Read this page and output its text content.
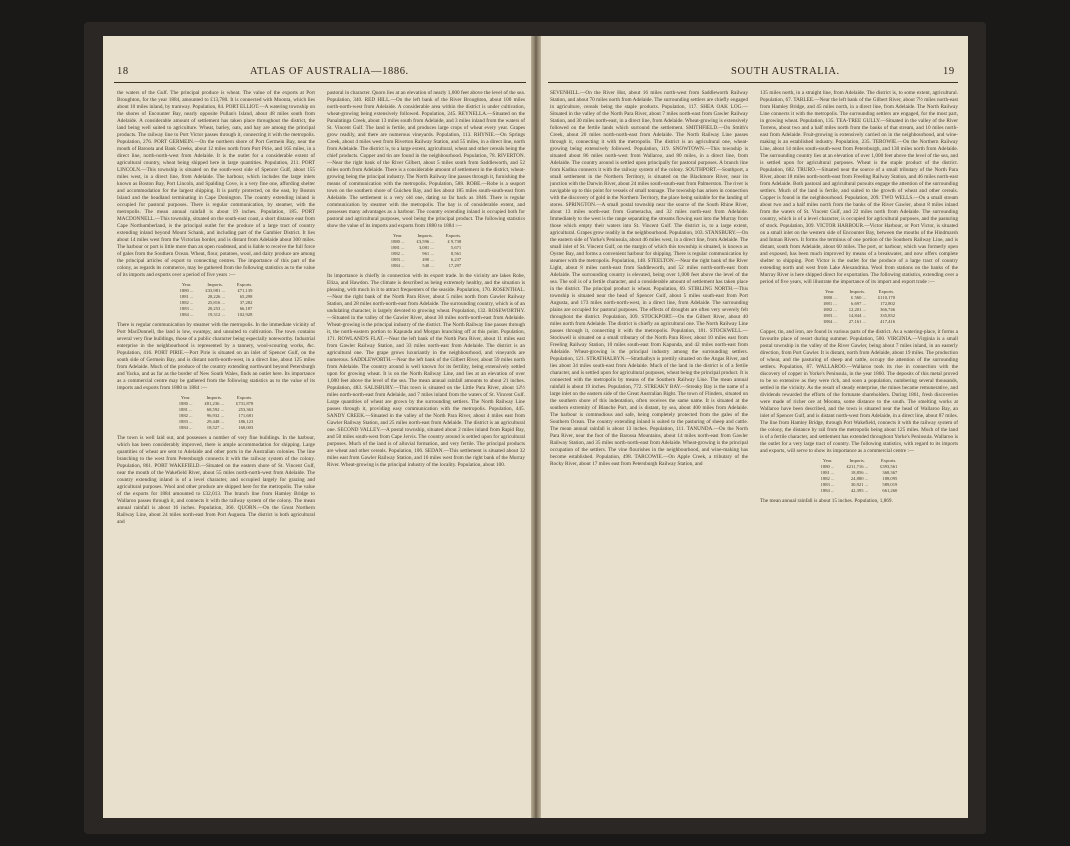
18	ATLAS OF AUSTRALIA—1886.	SOUTH AUSTRALIA.	19

the waters of the Gulf. The principal produce is wheat. The value of the exports at Port Broughton, for the year 1884, amounted to £13,780. It is connected with Moonta, which lies about 10 miles inland, by tramway. Population, 84. PORT ELLIOT.—A watering township on the shores of Encounter Bay, nearly opposite Pullan's Island, about 48 miles south from Adelaide. A considerable amount of settlement has taken place throughout the district, the land being well suited to agriculture. Wheat, barley, oats, and hay are among the principal products. The railway line to Port Victor passes through it, connecting it with the metropolis. Population, 276. PORT GERMEIN.—On the northern shore of Port Germein Bay, near the mouth of Baroota and Bank Creeks, about 12 miles north from Port Pirie, and 165 miles, in a direct line, north-north-west from Adelaide. It is the outlet for a considerable extent of agricultural country, wheat being shipped here in large quantities. Population, 211. PORT LINCOLN.—This township is situated on the south-west side of Spencer Gulf, about 155 miles west, in a direct line, from Adelaide. The harbour, which includes the large inlets known as Boston Bay, Port Lincoln, and Spalding Cove, is a very fine one, affording shelter and accommodation for the largest shipping. It is partly protected, on the east, by Boston Island and the headland terminating in Cape Donington. The country extending inland is occupied for pastoral purposes. There is regular communication, by steamer, with the metropolis. The mean annual rainfall is about 19 inches. Population, 185. PORT MACDONNELL.—This township, situated on the south-east coast, a short distance east from Cape Northumberland, is the principal outlet for the produce of a large tract of country extending inland beyond Mount Schank, and including part of the Gambier District. It lies about 14 miles west from the Victorian border, and is distant from Adelaide about 300 miles. The harbour or port is little more than an open roadstead, and is liable to receive the full force of gales from the Southern Ocean. Wheat, flour, potatoes, wool, and dairy produce are among the principal articles of export to connecting centres. The importance of this part of the colony, as regards its commerce, may be gathered from the following statistics as to the value of its imports and exports over a period of five years :—

Year.	Imports.	Exports.
1880 ...	£33,981 ...	£71,139
1881 ...	28,226 ...	65,298
1882 ...	25,816 ...	37,282
1883 ...	20,253 ...	66,187
1884 ...	19,312 ...	102,928

There is regular communication by steamer with the metropolis. In the immediate vicinity of Port MacDonnell, the land is low, swampy, and unsuited to cultivation. The town contains several very fine buildings, those of a public character being especially noteworthy. Industrial enterprise in the neighbourhood is represented by a tannery, wool-scouring works, &c. Population, 416. PORT PIRIE.—Port Pirie is situated on an inlet of Spencer Gulf, on the south side of Germein Bay, and is distant north-north-west, in a direct line, about 125 miles from Adelaide. Much of the produce of the country extending northward beyond Petersburgh and Yacka, and as far as the border of New South Wales, finds an outlet here. Its importance as a commercial centre may be gathered from the following statistics as to the value of its imports and exports from 1880 to 1884 :—

Year.	Imports.	Exports.
1880 ...	£81,236 ...	£731,878
1881 ...	68,592 ...	253,363
1882 ...	96,932 ...	171,681
1883 ...	29,448 ...	186,123
1884 ...	18,527 ...	160,003

The town is well laid out, and possesses a number of very fine buildings. In the harbour, which has been considerably improved, there is ample accommodation for shipping. Large quantities of wheat are sent to Adelaide and other ports in the Australian colonies. The line branching to the west from Petersburgh connects it with the railway system of the colony. Population, 861. PORT WAKEFIELD.—Situated on the eastern shore of St. Vincent Gulf, near the mouth of the Wakefield River, about 55 miles north-north-west from Adelaide. The country extending inland is of a level character, and occupied largely for grazing and agricultural purposes. Wool and other produce are shipped here for the metropolis. The value of the exports for 1884 amounted to £32,013. The branch line from Hamley Bridge to Wallaroo passes through it, and connects it with the railway system of the colony. The mean annual rainfall is about 16 inches. Population, 360. QUORN.—On the Great Northern Railway Line, about 24 miles north-east from Port Augusta. The district is both agricultural and

pastoral in character. Quorn lies at an elevation of nearly 1,000 feet above the level of the sea. Population, 340. RED HILL.—On the left bank of the River Broughton, about 100 miles north-north-west from Adelaide. A considerable area within the district is under cultivation, wheat-growing being extensively followed. Population, 245. REYNELLA.—Situated on the Panalatinga Creek, about 13 miles south from Adelaide, and 3 miles inland from the waters of St. Vincent Gulf. The land is fertile, and produces large crops of wheat every year. Grapes grow readily, and there are numerous vineyards. Population, 113. RHYNIE.—On Springs Creek, about 4 miles west from Riverton Railway Station, and 55 miles, in a direct line, north from Adelaide. The district is, to a large extent, agricultural, wheat and other cereals being the chief products. Copper and tin are found in the neighbourhood. Population, 78. RIVERTON.—Near the right bank of the River Gilbert, about 5 miles south from Saddleworth, and 52 miles north from Adelaide. There is a considerable amount of settlement in the district, wheat-growing being the principal industry. The North Railway line passes through it, furnishing the means of communication with the metropolis. Population, 588. ROBE.—Robe is a seaport town on the southern shore of Guichen Bay, and lies about 185 miles south-south-east from Adelaide. The settlement is a very old one, dating so far back as 1846. There is regular communication by steamer with the metropolis. The bay is of considerable extent, and possesses many advantages as a harbour. The country extending inland is occupied both for pastoral and agricultural purposes, wool being the principal product. The following statistics show the value of its imports and exports from 1880 to 1884 :—

Year.	Imports.	Exports.
1880 ...	£3,596 ...	£ 9,738
1881 ...	3,081 ...	5,671
1882 ...	961 ...	8,561
1883 ...	490 ...	6,237
1884 ...	540 ...	17,297

Its importance is chiefly in connection with its export trade. In the vicinity are lakes Robe, Eliza, and Hawdon. The climate is described as being extremely healthy, and the situation is pleasing, with much in it to attract frequenters of the seaside. Population, 170. ROSENTHAL.—Near the right bank of the North Para River, about 5 miles north from Gawler Railway Station, and 28 miles north-north-east from Adelaide. The surrounding country, which is of an undulating character, is largely devoted to growing wheat. Population, 132. ROSEWORTHY.—Situated in the valley of the Gawler River, about 30 miles north-north-east from Adelaide. Wheat-growing is the principal industry of the district. The North Railway line passes through it, the north-eastern portion to Kapunda and Morgan branching off at this point. Population, 171. ROWLAND'S FLAT.—Near the left bank of the North Para River, about 11 miles east from Gawler Railway Station, and 33 miles north-east from Adelaide. The district is an agricultural one. The grape grows luxuriantly in the neighbourhood, and vineyards are numerous. SADDLEWORTH.—Near the left bank of the Gilbert River, about 59 miles north from Adelaide. The country around is well known for its fertility, being extensively settled upon for growing wheat. It is on the North Railway Line, and lies at an elevation of over 1,000 feet above the level of the sea. The mean annual rainfall amounts to about 21 inches. Population, 483. SALISBURY.—This town is situated on the Little Para River, about 12½ miles north-north-east from Adelaide, and 7 miles inland from the waters of St. Vincent Gulf. Large quantities of wheat are grown by the surrounding settlers. The North Railway Line passes through it, providing easy communication with the metropolis. Population, 445. SANDY CREEK.—Situated in the valley of the North Para River, about 4 miles east from Gawler Railway Station, and 25 miles north-east from Adelaide. The district is an agricultural one. SECOND VALLEY.—A postal township, situated about 2 miles inland from Rapid Bay, and 50 miles south-west from Cape Jervis. The country around is settled upon for agricultural purposes. Much of the land is of alluvial formation, and very fertile. The principal products are wheat and other cereals. Population, 106. SEDAN.—This settlement is situated about 32 miles east from Gawler Railway Station, and 16 miles west from the right bank of the Murray River. Wheat-growing is the principal industry of the locality. Population, about 100.

SEVENHILL.—On the River Hut, about 16 miles north-west from Saddleworth Railway Station, and about 70 miles north from Adelaide. The surrounding settlers are chiefly engaged in agriculture, cereals being the staple products. Population, 117. SHEA OAK LOG.—Situated in the valley of the North Para River, about 7 miles north-east from Gawler Railway Station, and 30 miles north-east, in a direct line, from Adelaide. Wheat-growing is extensively followed on the fertile lands which surround the settlement. SMITHFIELD.—On Smith's Creek, about 20 miles north-north-east from Adelaide. The North Railway Line passes through it, connecting it with the metropolis. The district is an agricultural one, wheat-growing being extensively followed. Population, 119. SNOWTOWN.—This township is situated about 86 miles north-west from Wallaroo, and 80 miles, in a direct line, from Adelaide. The country around is settled upon principally for pastoral purposes. A branch line from Kadina connects it with the railway system of the colony. SOUTHPORT.—Southport, a small settlement in the Northern Territory, is situated on the Blackmore River, near its junction with the Darwin River, about 24 miles south-south-east from Palmerston. The river is navigable up to this point for vessels of small tonnage. The township has arisen in connection with the discovery of gold in the Northern Territory, the place being suitable for the landing of stores. SPRINGTON.—A small postal township near the source of the South Rhine River, about 13 miles north-east from Gumeracha, and 32 miles north-east from Adelaide. Immediately to the west is the range separating the streams flowing east into the Murray from those which empty their waters into St. Vincent Gulf. The district is, to a large extent, agricultural. Grapes grow readily in the neighbourhood. Population, 103. STANSBURY.—On the eastern side of Yorke's Peninsula, about 46 miles west, in a direct line, from Adelaide. The small inlet of St. Vincent Gulf, on the margin of which this township is situated, is known as Oyster Bay, and forms a convenient harbour for shipping. There is regular communication by steamer with the metropolis. Population, 148. STEELTON.—Near the right bank of the River Light, about 8 miles north-east from Saddleworth, and 52 miles north-north-east from Adelaide. The surrounding country is elevated, being over 1,000 feet above the level of the sea. The soil is of a fertile character, and a considerable amount of settlement has taken place in the district. The principal product is wheat. Population, 69. STIRLING NORTH.—This township is situated near the head of Spencer Gulf, about 5 miles south-east from Port Augusta, and 173 miles north-north-west, in a direct line, from Adelaide. The surrounding plains are occupied for pastoral purposes. The effects of droughts are often very severely felt throughout the district. Population, 309. STOCKPORT.—On the Gilbert River, about 40 miles north from Adelaide. The district is chiefly an agricultural one. The North Railway Line passes through it, connecting it with the metropolis. Population, 181. STOCKWELL.—Stockwell is situated on a small tributary of the North Para River, about 10 miles east from Freeling Railway Station, 10 miles south-east from Kapunda, and 42 miles north-east from Adelaide. Wheat-growing is the principal industry among the surrounding settlers. Population, 121. STRATHALBYN.—Strathalbyn is prettily situated on the Angas River, and lies about 34 miles south-east from Adelaide. Much of the land in the district is of a fertile character, and is settled upon for agricultural purposes, wheat being the principal product. It is connected with the metropolis by means of the Southern Railway Line. The mean annual rainfall is about 19 inches. Population, 772. STREAKY BAY.—Streaky Bay is the name of a large inlet on the eastern side of the Great Australian Bight. The town of Flinders, situated on the southern shore of this indentation, often receives the same name. It is situated at the southern extremity of Blanche Port, and is distant, by sea, about 400 miles from Adelaide. The harbour is commodious and safe, being completely protected from the gales of the Southern Ocean. The country extending inland is suited to the pasturing of sheep and cattle. The mean annual rainfall is about 13 inches. Population, 111. TANUNDA.—On the North Para River, near the foot of the Barossa Mountains, about 14 miles north-east from Gawler Railway Station, and 35 miles north-north-east from Adelaide. Wheat-growing is the principal occupation of the settlers. The vine flourishes in the neighbourhood, and wine-making has become established. Population, 498. TARCOWIE.—On Apple Creek, a tributary of the Rocky River, about 17 miles east from Petersburgh Railway Station, and

135 miles north, in a straight line, from Adelaide. The district is, to some extent, agricultural. Population, 67. TARLEE.—Near the left bank of the Gilbert River, about 7½ miles north-east from Hamley Bridge, and 45 miles north, in a direct line, from Adelaide. The North Railway Line connects it with the metropolis. The surrounding settlers are engaged, for the most part, in growing wheat. Population, 135. TEA-TREE GULLY.—Situated in the valley of the River Torrens, about two and a half miles north from the banks of that stream, and 10 miles north-east from Adelaide. Fruit-growing is extensively carried on in the neighbourhood, and wine-making is an established industry. Population, 235. TEROWIE.—On the Northern Railway Line, about 14 miles south-south-west from Petersburgh, and 130 miles north from Adelaide. The surrounding country lies at an elevation of over 1,000 feet above the level of the sea, and is settled upon for agricultural purposes. Wheat is the staple product of the district. Population, 682. TRURO.—Situated near the source of a small tributary of the North Para River, about 18 miles north-north-east from Freeling Railway Station, and 46 miles north-east from Adelaide. Both pastoral and agricultural pursuits engage the attention of the surrounding settlers. Much of the land is fertile, and suited to the growth of wheat and other cereals. Copper is found in the neighbourhood. Population, 209. TWO WELLS.—On a small stream about two and a half miles north from the banks of the River Gawler, about 8 miles inland from the waters of St. Vincent Gulf, and 22 miles north from Adelaide. The surrounding country, which is of a level character, is occupied for agricultural purposes, and the pasturing of stock. Population, 309. VICTOR HARBOUR.—Victor Harbour, or Port Victor, is situated on a small inlet on the western side of Encounter Bay, between the mouths of the Hindmarsh and Inman Rivers. It forms the terminus of one portion of the Southern Railway Line, and is distant, south from Adelaide, about 60 miles. The port, or harbour, which was formerly open and exposed, has been much improved by means of a breakwater, and now offers complete shelter to shipping. Port Victor is the outlet for the produce of a large tract of country extending north and west from Lake Alexandrina. Wool from stations on the banks of the Murray River is here shipped direct for exportation. The following statistics, extending over a period of five years, will illustrate the importance of its import and export trade :—

Year.	Imports.	Exports.
1880 ...	£ 560 ...	£110,170
1881 ...	6,697 ...	172,802
1882 ...	12,201 ...	366,746
1883 ...	14,844 ...	335,832
1884 ...	27,161 ...	417,416

Copper, tin, and iron, are found in various parts of the district. As a watering-place, it forms a favourite place of resort during summer. Population, 500. VIRGINIA.—Virginia is a small postal township in the valley of the River Gawler, being about 7 miles inland, in an easterly direction, from Port Gawler. It is distant, north from Adelaide, about 19 miles. The production of wheat, and the pasturing of sheep and cattle, occupy the attention of the surrounding settlers. Population, 87. WALLAROO.—Wallaroo took its rise in connection with the discovery of copper in Yorke's Peninsula, in the year 1860. The deposits of this metal proved to be so extensive as they were rich, and soon a population, numbering several thousands, settled in the vicinity. As the result of steady enterprise, the mines became remunerative, and dividends rewarded the efforts of the fortunate shareholders. During 1861, fresh discoveries were made of richer ore at Moonta, some distance to the south. The smelting works at Wallaroo have been described, and the town is situated near the head of Wallaroo Bay, an inlet of Spencer Gulf, and is distant north-west from Adelaide, in a direct line, about 87 miles. The line from Hamley Bridge, through Port Wakefield, connects it with the railway system of the colony, the distance by rail from the metropolis being about 125 miles. Much of the land is of a fertile character, and settlement has extended throughout Yorke's Peninsula. Wallaroo is the outlet for a very large tract of country. The following statistics, with regard to its imports and exports, will serve to show its importance as a commercial centre :—

Year.	Imports.	Exports.
1880 ...	£211,716 ...	£393,561
1881 ...	18,856 ...	368,367
1882 ...	24,880 ...	188,095
1883 ...	30,921 ...	589,019
1884 ...	42,395 ...	661,260

The mean annual rainfall is about 15 inches. Population, 1,869.
